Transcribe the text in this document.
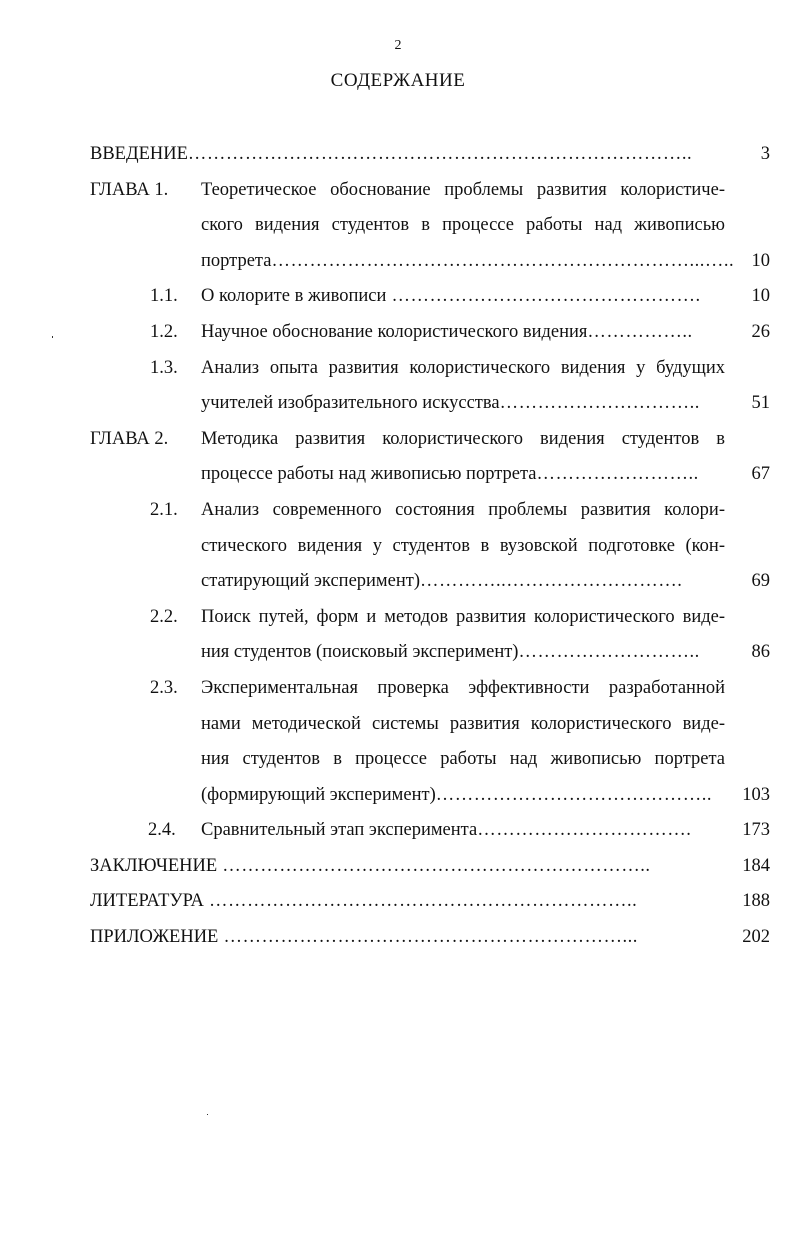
2
СОДЕРЖАНИЕ
ВВЕДЕНИЕ……………………………………………………………………..	3
ГЛАВА 1. Теоретическое обоснование проблемы развития колористиче-
ского видения студентов в процессе работы над живописью
портрета…………………………………………………………...….. 10
1.1. О колорите в живописи ………………………………………….	10
1.2. Научное обоснование колористического видения……………..	26
1.3. Анализ опыта развития колористического видения у будущих
учителей изобразительного искусства…………………………..	51
ГЛАВА 2. Методика развития колористического видения студентов в
процессе работы над живописью портрета……………………..	67
2.1. Анализ современного состояния проблемы развития колори-
стического видения у студентов в вузовской подготовке (кон-
статирующий эксперимент)…………..……………………….	69
2.2. Поиск путей, форм и методов развития колористического виде-
ния студентов (поисковый эксперимент)………………………..	86
2.3. Экспериментальная проверка эффективности разработанной
нами методической системы развития колористического виде-
ния студентов в процессе работы над живописью портрета
(формирующий эксперимент)…………………………………….. 103
2.4. Сравнительный этап эксперимента…………………………….	173
ЗАКЛЮЧЕНИЕ …………………………………………………………..	184
ЛИТЕРАТУРА …………………………………………………………..	188
ПРИЛОЖЕНИЕ ………………………………………………………...	202
